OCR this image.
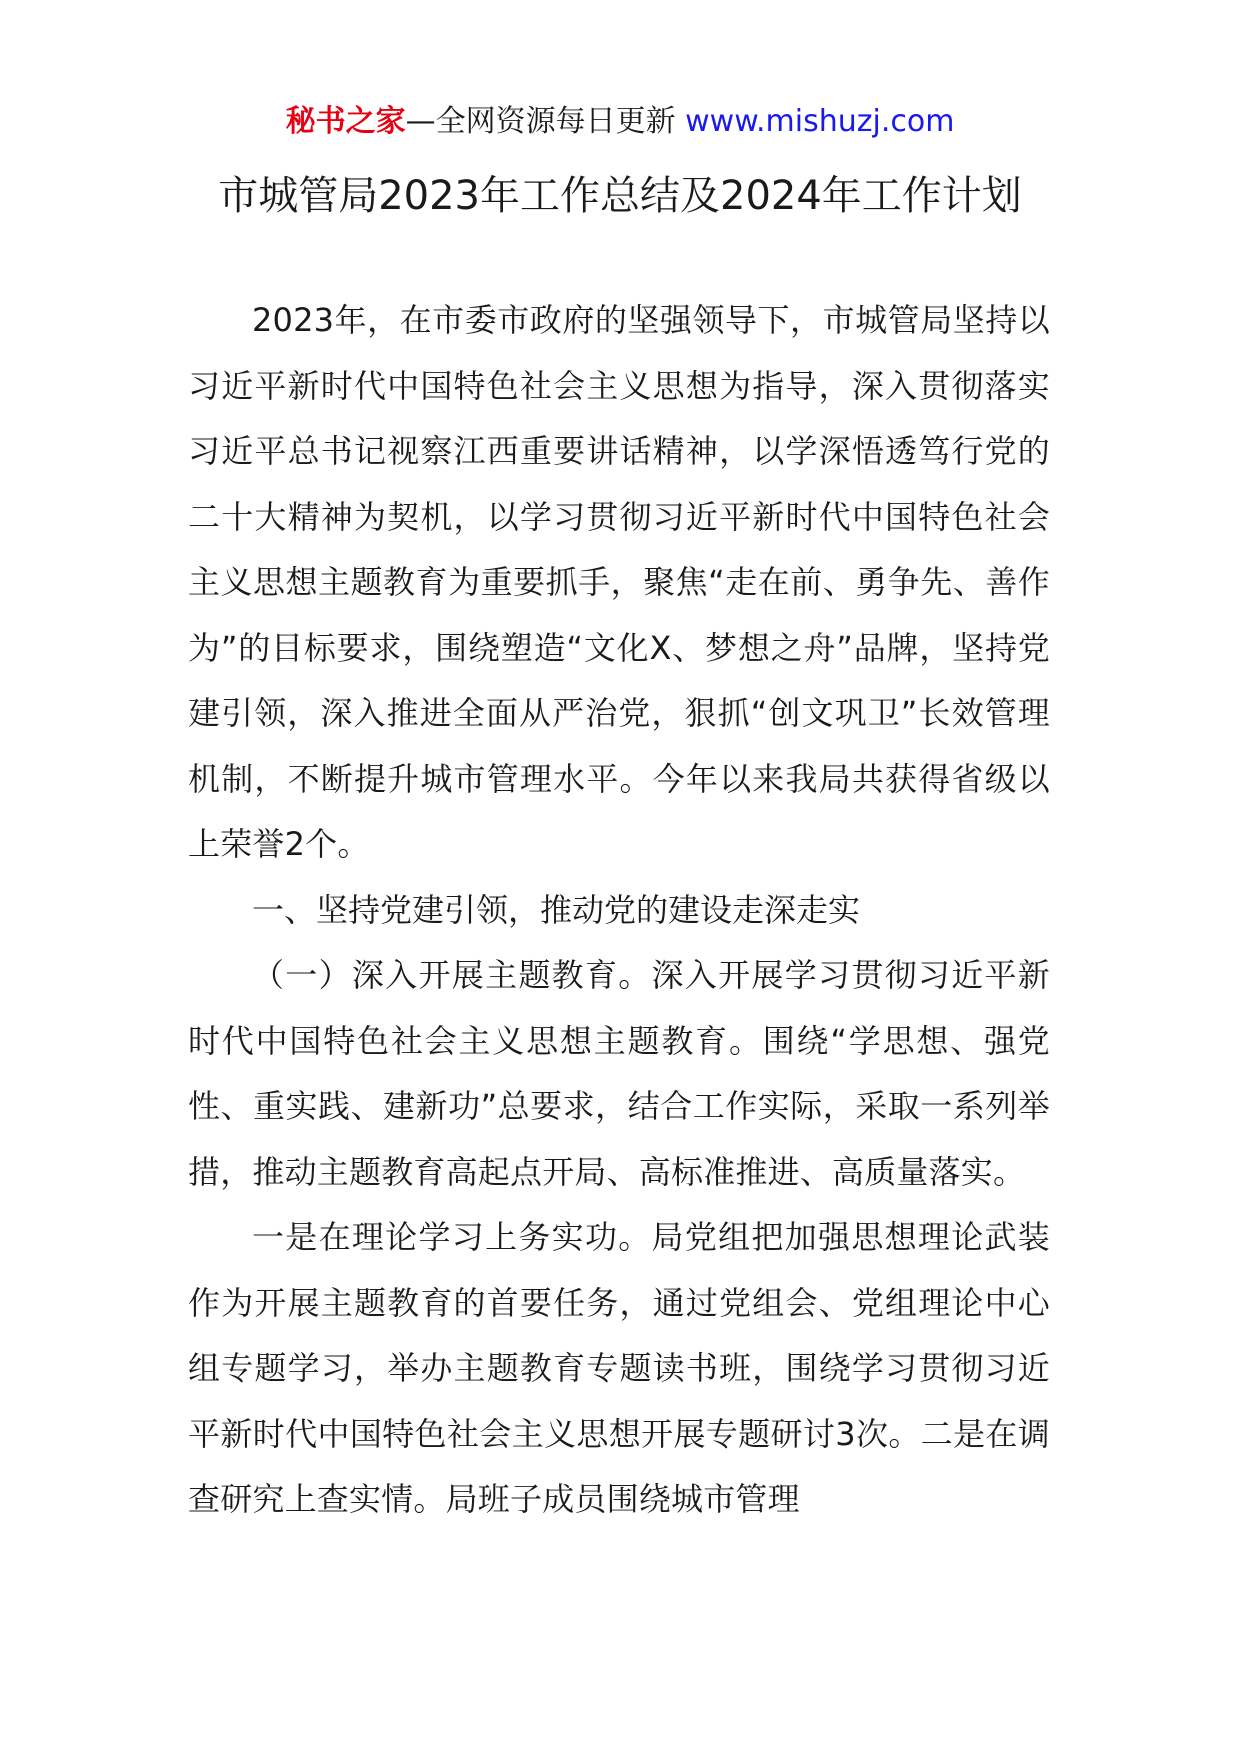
秘书之家—全网资源每日更新 www.mishuzj.com
市城管局2023年工作总结及2024年工作计划

2023年，在市委市政府的坚强领导下，市城管局坚持以习近平新时代中国特色社会主义思想为指导，深入贯彻落实习近平总书记视察江西重要讲话精神，以学深悟透笃行党的二十大精神为契机，以学习贯彻习近平新时代中国特色社会主义思想主题教育为重要抓手，聚焦“走在前、勇争先、善作为”的目标要求，围绕塑造“文化X、梦想之舟”品牌，坚持党建引领，深入推进全面从严治党，狠抓“创文巩卫”长效管理机制，不断提升城市管理水平。今年以来我局共获得省级以上荣誉2个。

一、坚持党建引领，推动党的建设走深走实

（一）深入开展主题教育。深入开展学习贯彻习近平新时代中国特色社会主义思想主题教育。围绕“学思想、强党性、重实践、建新功”总要求，结合工作实际，采取一系列举措，推动主题教育高起点开局、高标准推进、高质量落实。

一是在理论学习上务实功。局党组把加强思想理论武装作为开展主题教育的首要任务，通过党组会、党组理论中心组专题学习，举办主题教育专题读书班，围绕学习贯彻习近平新时代中国特色社会主义思想开展专题研讨3次。二是在调查研究上查实情。局班子成员围绕城市管理
